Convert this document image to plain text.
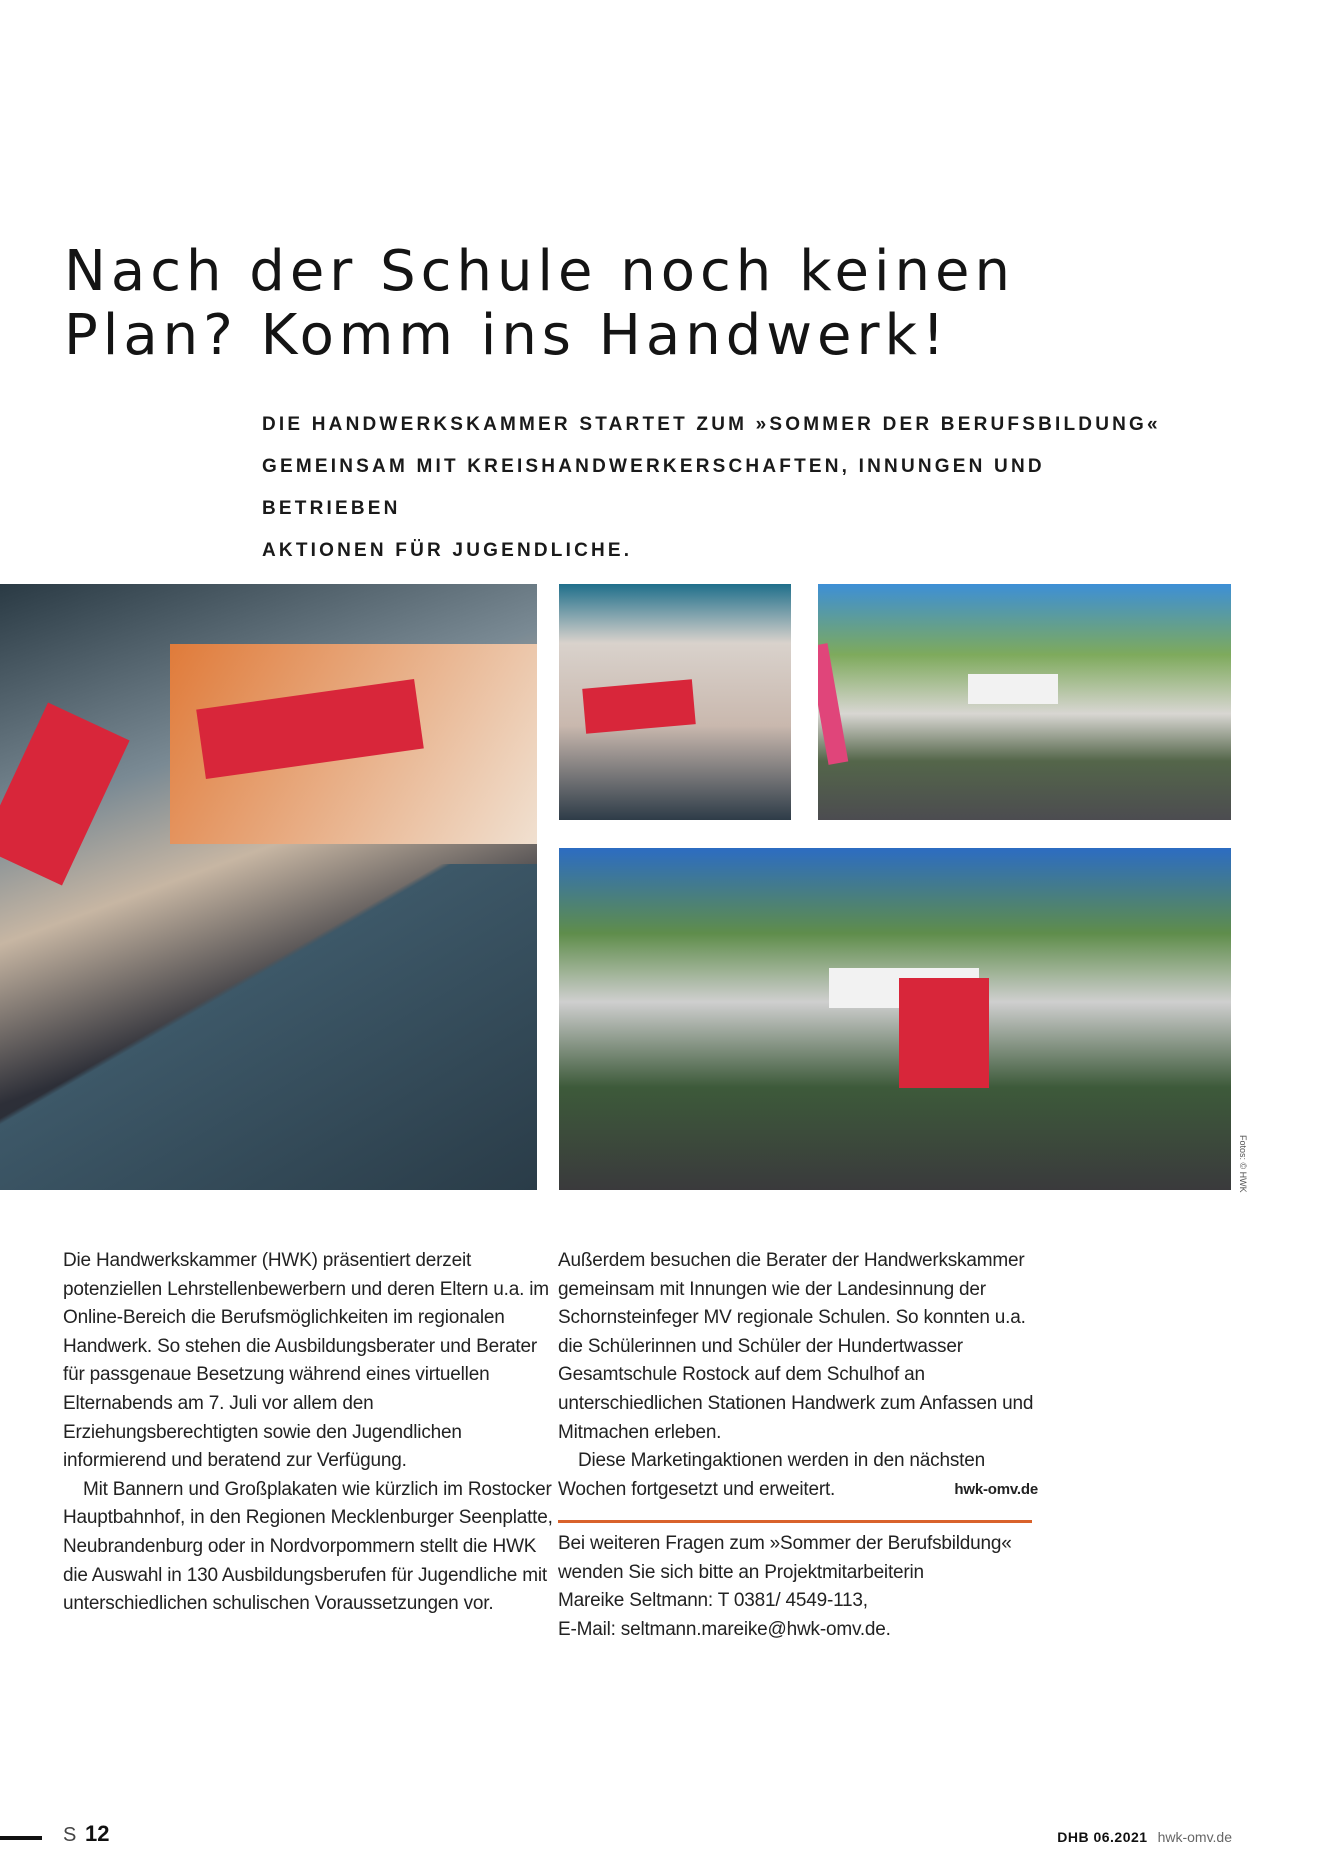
Nach der Schule noch keinen
Plan? Komm ins Handwerk!
DIE HANDWERKSKAMMER STARTET ZUM »SOMMER DER BERUFSBILDUNG«
GEMEINSAM MIT KREISHANDWERKERSCHAFTEN, INNUNGEN UND BETRIEBEN
AKTIONEN FÜR JUGENDLICHE.
Fotos: © HWK

Die Handwerkskammer (HWK) präsentiert derzeit potenziellen Lehrstellenbewerbern und deren Eltern u.a. im Online-Bereich die Berufsmöglichkeiten im regionalen Handwerk. So stehen die Ausbildungsberater und Berater für passgenaue Besetzung während eines virtuellen Elternabends am 7. Juli vor allem den Erziehungsberechtigten sowie den Jugendlichen informierend und beratend zur Verfügung.

Mit Bannern und Großplakaten wie kürzlich im Rostocker Hauptbahnhof, in den Regionen Mecklenburger Seenplatte, Neubrandenburg oder in Nordvorpommern stellt die HWK die Auswahl in 130 Ausbildungsberufen für Jugendliche mit unterschiedlichen schulischen Voraussetzungen vor.

Außerdem besuchen die Berater der Handwerkskammer gemeinsam mit Innungen wie der Landesinnung der Schornsteinfeger MV regionale Schulen. So konnten u.a. die Schülerinnen und Schüler der Hundertwasser Gesamtschule Rostock auf dem Schulhof an unterschiedlichen Stationen Handwerk zum Anfassen und Mitmachen erleben.

Diese Marketingaktionen werden in den nächsten Wochen fortgesetzt und erweitert.	hwk-omv.de

Bei weiteren Fragen zum »Sommer der Berufsbildung«
wenden Sie sich bitte an Projektmitarbeiterin
Mareike Seltmann: T 0381/ 4549-113,
E-Mail: seltmann.mareike@hwk-omv.de.
S 12	DHB 06.2021 hwk-omv.de
